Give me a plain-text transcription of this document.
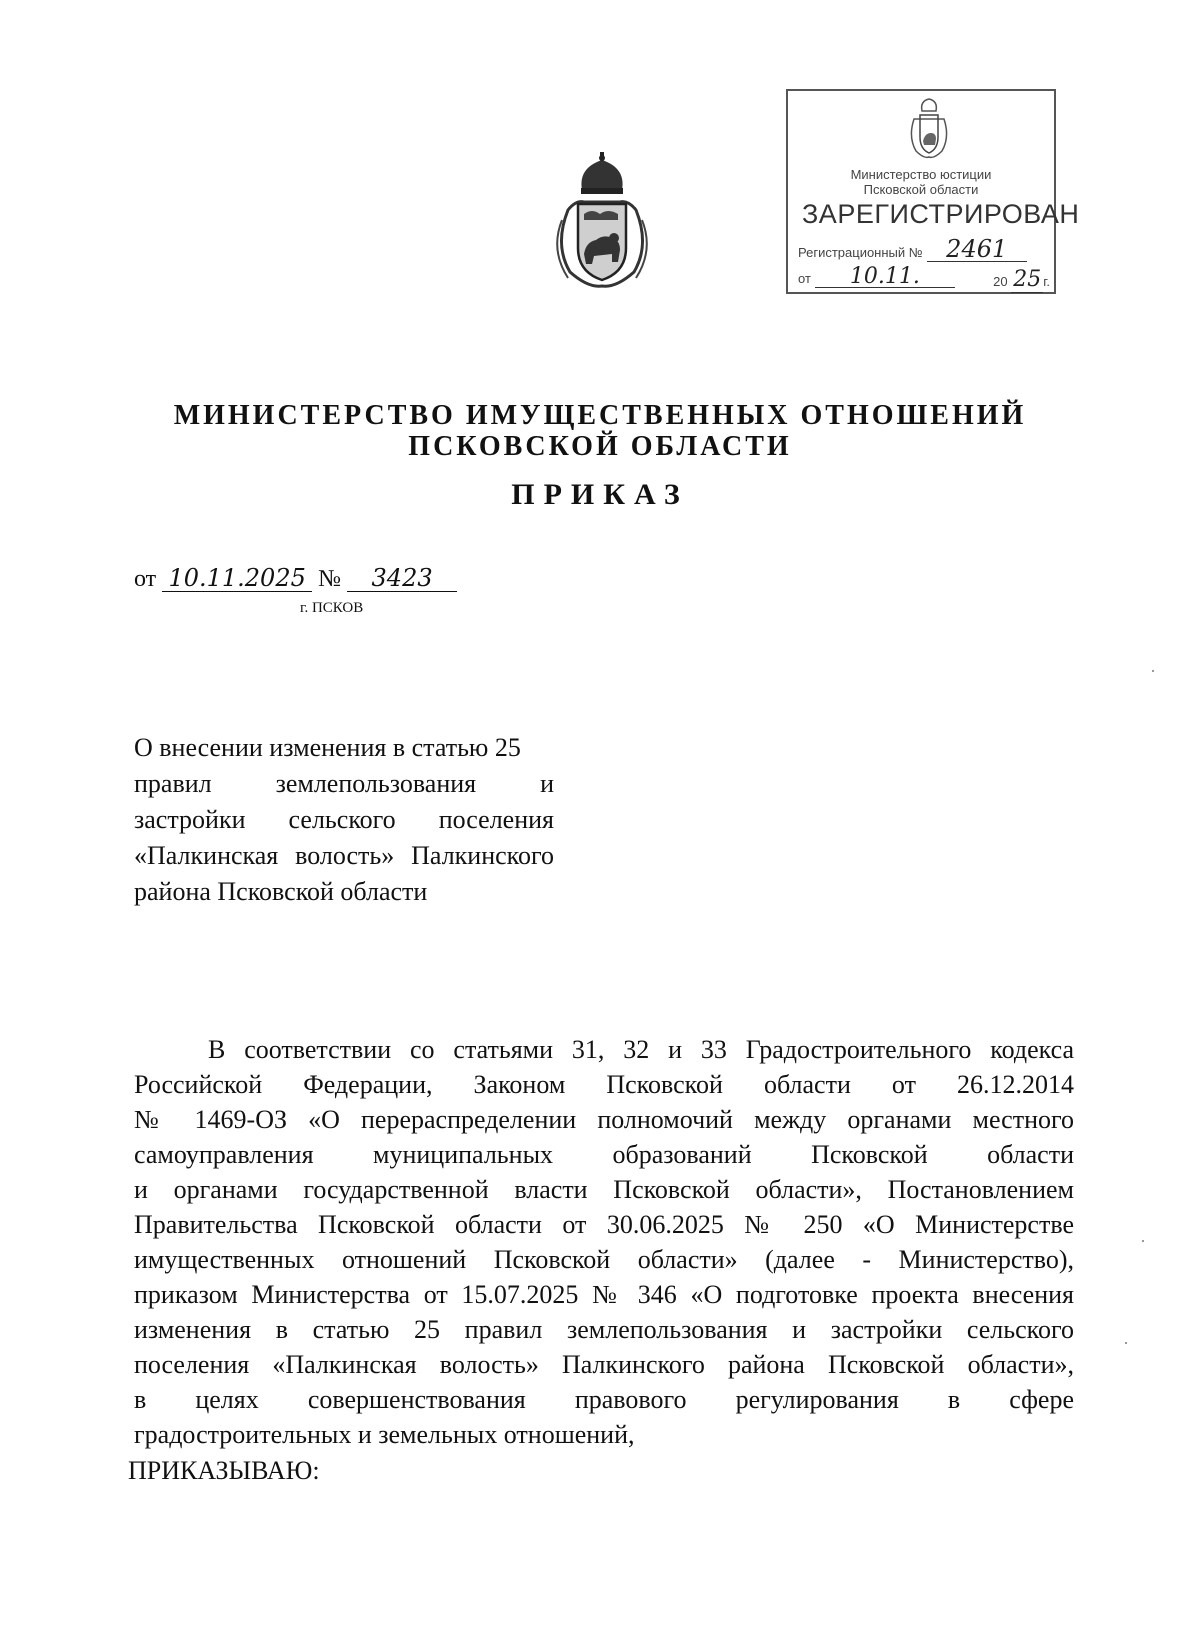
Министерство юстиции
Псковской области
ЗАРЕГИСТРИРОВАН
Регистрационный № 2461
от 10.11.	20 25 г.
МИНИСТЕРСТВО ИМУЩЕСТВЕННЫХ ОТНОШЕНИЙ
ПСКОВСКОЙ ОБЛАСТИ
ПРИКАЗ
от 10.11.2025 № 3423
г. ПСКОВ
О внесении изменения в статью 25
правил землепользования и
застройки сельского поселения
«Палкинская волость» Палкинского
района Псковской области
В соответствии со статьями 31, 32 и 33 Градостроительного кодекса
Российской Федерации, Законом Псковской области от 26.12.2014
№ 1469-ОЗ «О перераспределении полномочий между органами местного
самоуправления муниципальных образований Псковской области
и органами государственной власти Псковской области», Постановлением
Правительства Псковской области от 30.06.2025 № 250 «О Министерстве
имущественных отношений Псковской области» (далее - Министерство),
приказом Министерства от 15.07.2025 № 346 «О подготовке проекта внесения
изменения в статью 25 правил землепользования и застройки сельского
поселения «Палкинская волость» Палкинского района Псковской области»,
в целях совершенствования правового регулирования в сфере
градостроительных и земельных отношений,
ПРИКАЗЫВАЮ:
